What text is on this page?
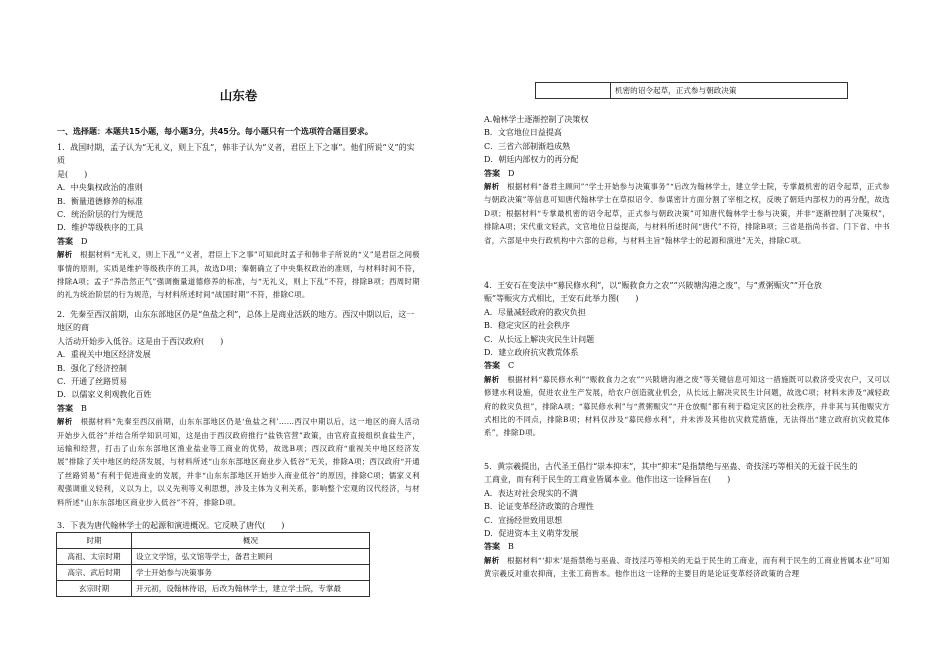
山东卷

一、选择题：本题共15小题，每小题3分，共45分。每小题只有一个选项符合题目要求。

1．战国时期，孟子认为“无礼义，则上下乱”，韩非子认为“义者，君臣上下之事”。他们所说“义”的实质

是(　　)

A．中央集权政治的准则

B．衡量道德修养的标准

C．统治阶层的行为规范

D．维护等级秩序的工具

答案　 D

解析　 根据材料“无礼义，则上下乱”“义者，君臣上下之事”可知此时孟子和韩非子所说的“义”是君臣之间极事情的原则，实质是维护等级秩序的工具，故选D项；秦朝确立了中央集权政治的准则，与材料时间不符，排除A项；孟子“养浩然正气”强调衡量道德修养的标准，与“无礼义，则上下乱”不符，排除B项；西周时期的礼为统治阶层的行为规范，与材料所述时间“战国时期”不符，排除C项。

2．先秦至西汉前期，山东东部地区仍是“鱼盐之利”，总体上是商业活跃的地方。西汉中期以后，这一地区的商

人活动开始步入低谷。这是由于西汉政府(　　)

A．重视关中地区经济发展

B．强化了经济控制

C．开通了丝路贸易

D．以儒家义利观教化百姓

答案　 B

解析　 根据材料“先秦至西汉前期，山东东部地区仍是‘鱼盐之利’……西汉中期以后，这一地区的商人活动开始步入低谷”并结合所学知识可知，这是由于西汉政府推行“盐铁官营”政策，由官府直接组织食盐生产，运输和经营，打击了山东东部地区渔业盐业等工商业的优势，故选B项；西汉政府“重视关中地区经济发展”排除了关中地区的经济发展，与材料所述“山东东部地区商业步入低谷”无关，排除A项；西汉政府“开通了丝路贸易”有利于促进商业的发展，并非“山东东部地区开始步入商业低谷”的原因，排除C项；儒家义利观强调重义轻利，义以为上，以义先利等义利思想，涉及主体为义利关系，影响整个宏观的汉代经济，与材料所述“山东东部地区商业步入低谷”不符，排除D项。

3．下表为唐代翰林学士的起源和演进概况。它反映了唐代(　　)

时期	概况
高祖、太宗时期	设立文学馆，弘文馆等学士，备君主顾问
高宗、武后时期	学士开始参与决策事务
玄宗时期	开元初，设翰林待诏，后改为翰林学士，建立学士院，专掌最
	机密的诏令起草，正式参与朝政决策

A.翰林学士逐渐控制了决策权

B．文官地位日益提高

C．三省六部制渐趋成熟

D．朝廷内部权力的再分配

答案　 D

解析　 根据材料“备君主顾问”“学士开始参与决策事务”“后改为翰林学士，建立学士院，专掌最机密的诏令起草，正式参与朝政决策”等信息可知唐代翰林学士在草拟诏令、参谋密计方面分割了宰相之权，反映了朝廷内部权力的再分配，故选D项；根据材料“专掌最机密的诏令起草，正式参与朝政决策”可知唐代翰林学士参与决策，并非“逐渐控制了决策权”，排除A项；宋代重文轻武，文官地位日益提高，与材料所述时间“唐代”不符，排除B项；三省是指尚书省、门下省、中书省，六部是中央行政机构中六部的总称，与材料主旨“翰林学士的起源和演进”无关，排除C项。

4．王安石在变法中“募民修水利”，以“赈救食力之农”“兴陂塘沟港之废”，与“煮粥赈灾”“开仓放

赈”等赈灾方式相比，王安石此举力图(　　)

A．尽量减轻政府的救灾负担

B．稳定灾区的社会秩序

C．从长远上解决灾民生计问题

D．建立政府抗灾教荒体系

答案　 C

解析　 根据材料“募民修水利”“赈救食力之农”“兴陂塘沟港之废”等关键信息可知这一措施既可以救济受灾农户，又可以修建水利设施，促进农业生产发展，给农户创造就业机会，从长远上解决灾民生计问题，故选C项；材料未涉及“减轻政府的救灾负担”，排除A项；“募民修水利”与“煮粥赈灾”“开仓放赈”都有利于稳定灾区的社会秩序，并非其与其他赈灾方式相比的不同点，排除B项；材料仅涉及“募民修水利”，并未涉及其他抗灾救荒措施，无法得出“建立政府抗灾救荒体系”，排除D项。

5．黄宗羲提出，古代圣王倡行“崇本抑末”，其中“抑末”是指禁绝与巫蛊、奇技淫巧等相关的无益于民生的

工商业，而有利于民生的工商业皆属本业。他作出这一诠释旨在(　　)

A．表达对社会现实的不满

B．论证变革经济政策的合理性

C．宣扬经世致用思想

D．促进资本主义萌芽发展

答案　 B

解析　 根据材料“‘抑末’是指禁绝与巫蛊、奇技淫巧等相关的无益于民生的工商业，而有利于民生的工商业皆属本业”可知黄宗羲反对重农抑商，主张工商皆本。他作出这一诠释的主要目的是论证变革经济政策的合理
